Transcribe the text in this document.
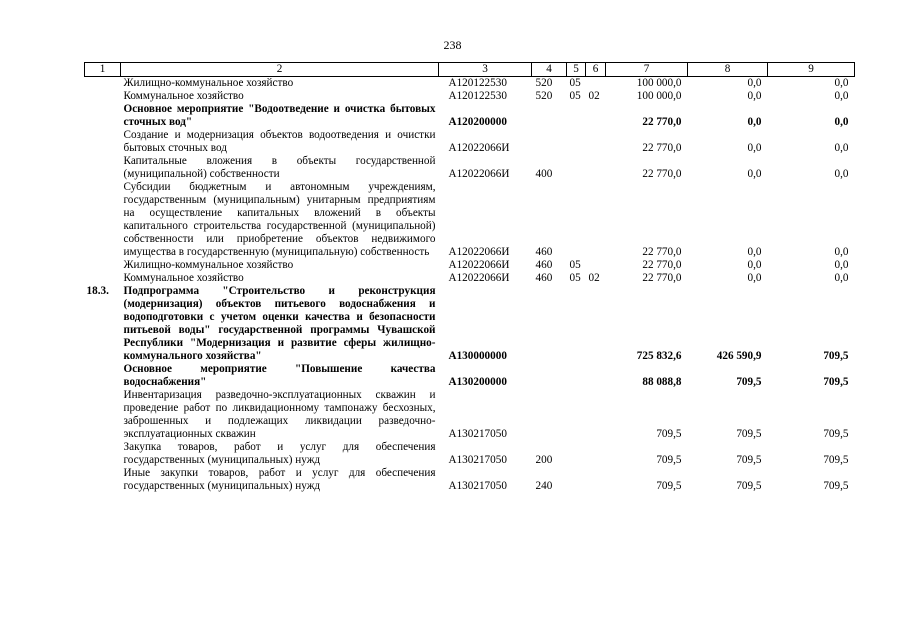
238
1	2	3	4	5	6	7	8	9
	Жилищно-коммунальное хозяйство	A120122530	520	05		100 000,0	0,0	0,0
	Коммунальное хозяйство	A120122530	520	05	02	100 000,0	0,0	0,0
	Основное мероприятие "Водоотведение и очистка бытовых сточных вод"	A120200000				22 770,0	0,0	0,0
	Создание и модернизация объектов водоотведения и очистки бытовых сточных вод	A12022066И				22 770,0	0,0	0,0
	Капитальные вложения в объекты государственной (муниципальной) собственности	A12022066И	400			22 770,0	0,0	0,0
	Субсидии бюджетным и автономным учреждениям, государственным (муниципальным) унитарным предприятиям на осуществление капитальных вложений в объекты капитального строительства государственной (муниципальной) собственности или приобретение объектов недвижимого имущества в государственную (муниципальную) собственность	A12022066И	460			22 770,0	0,0	0,0
	Жилищно-коммунальное хозяйство	A12022066И	460	05		22 770,0	0,0	0,0
	Коммунальное хозяйство	A12022066И	460	05	02	22 770,0	0,0	0,0
18.3.	Подпрограмма "Строительство и реконструкция (модернизация) объектов питьевого водоснабжения и водоподготовки с учетом оценки качества и безопасности питьевой воды" государственной программы Чувашской Республики "Модернизация и развитие сферы жилищно-коммунального хозяйства"	A130000000				725 832,6	426 590,9	709,5
	Основное мероприятие "Повышение качества водоснабжения"	A130200000				88 088,8	709,5	709,5
	Инвентаризация разведочно-эксплуатационных скважин и проведение работ по ликвидационному тампонажу бесхозных, заброшенных и подлежащих ликвидации разведочно-эксплуатационных скважин	A130217050				709,5	709,5	709,5
	Закупка товаров, работ и услуг для обеспечения государственных (муниципальных) нужд	A130217050	200			709,5	709,5	709,5
	Иные закупки товаров, работ и услуг для обеспечения государственных (муниципальных) нужд	A130217050	240			709,5	709,5	709,5
